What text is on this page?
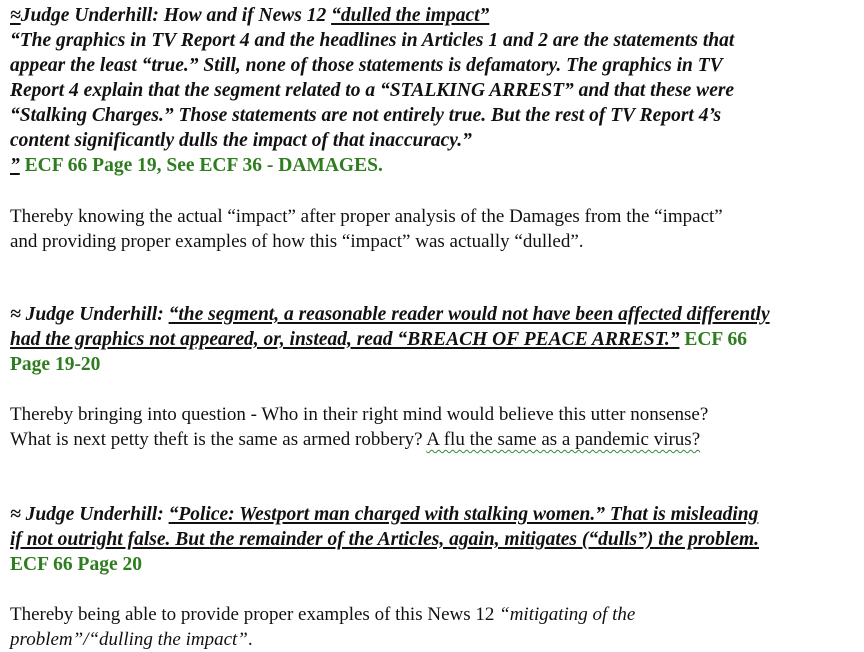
≈Judge Underhill: How and if News 12 “dulled the impact”
“The graphics in TV Report 4 and the headlines in Articles 1 and 2 are the statements that
appear the least “true.” Still, none of those statements is defamatory. The graphics in TV
Report 4 explain that the segment related to a “STALKING ARREST” and that these were
“Stalking Charges.” Those statements are not entirely true. But the rest of TV Report 4’s
content significantly dulls the impact of that inaccuracy.”
” ECF 66 Page 19, See ECF 36 - DAMAGES.
Thereby knowing the actual “impact” after proper analysis of the Damages from the “impact”
and providing proper examples of how this “impact” was actually “dulled”.
≈ Judge Underhill: “the segment, a reasonable reader would not have been affected differently
had the graphics not appeared, or, instead, read “BREACH OF PEACE ARREST.” ECF 66
Page 19-20
Thereby bringing into question - Who in their right mind would believe this utter nonsense?
What is next petty theft is the same as armed robbery? A flu the same as a pandemic virus?
≈ Judge Underhill: “Police: Westport man charged with stalking women.” That is misleading
if not outright false. But the remainder of the Articles, again, mitigates (“dulls”) the problem.
ECF 66 Page 20
Thereby being able to provide proper examples of this News 12 “mitigating of the
problem”/“dulling the impact”.
